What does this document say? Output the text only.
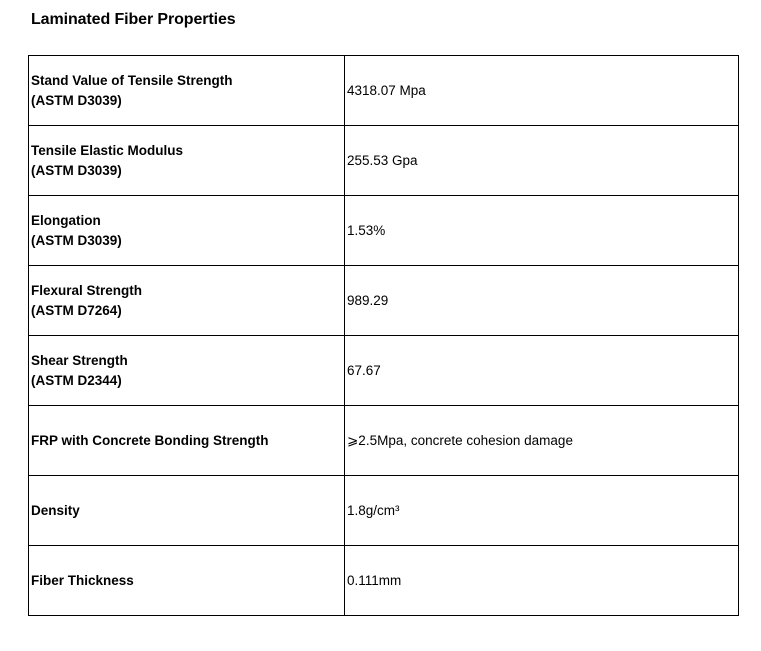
Laminated Fiber Properties
Stand Value of Tensile Strength
(ASTM D3039)	4318.07 Mpa

Tensile Elastic Modulus
(ASTM D3039)	255.53 Gpa

Elongation
(ASTM D3039)	1.53%

Flexural Strength
(ASTM D7264)	989.29

Shear Strength
(ASTM D2344)	67.67

FRP with Concrete Bonding Strength	⩾2.5Mpa, concrete cohesion damage

Density	1.8g/cm³

Fiber Thickness	0.111mm
